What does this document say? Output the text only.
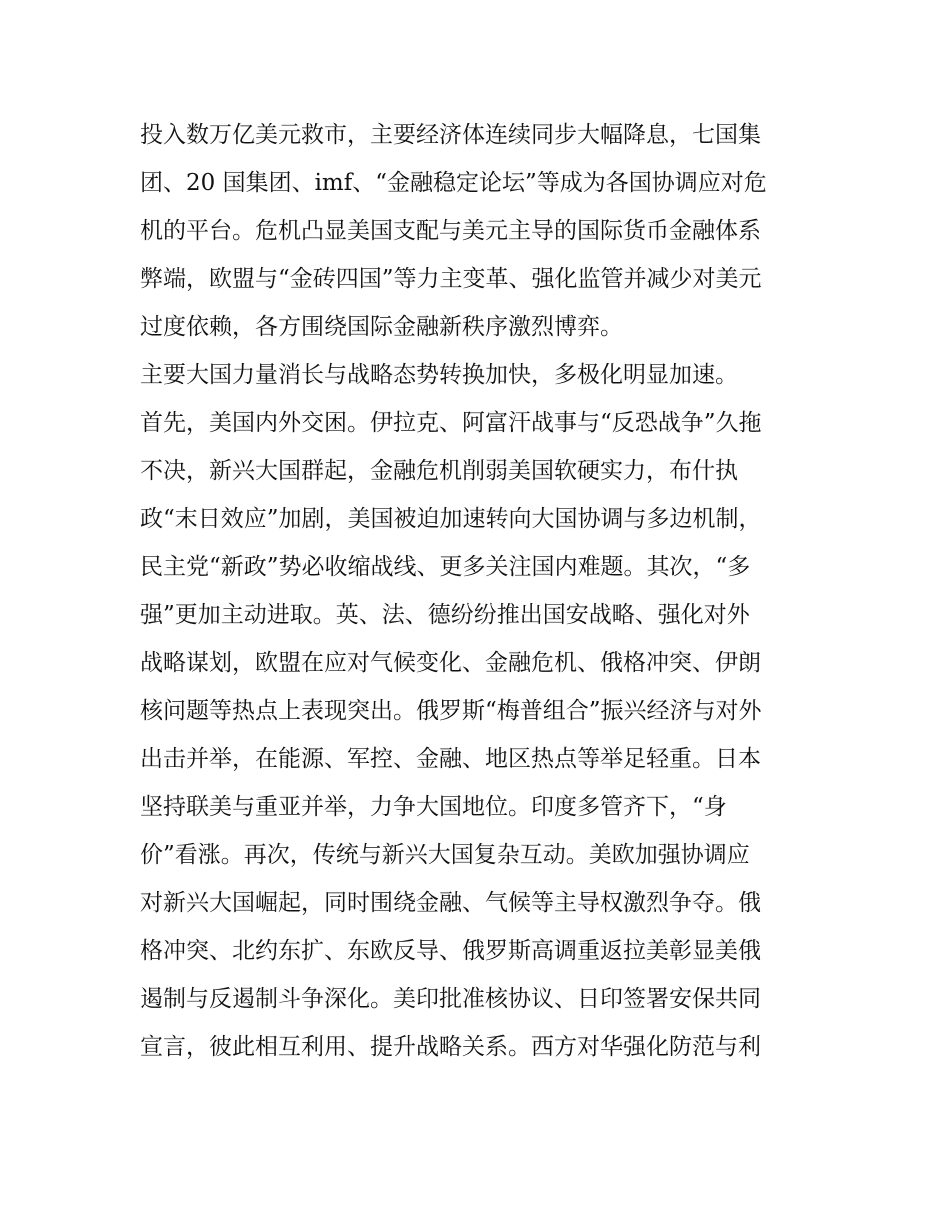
投入数万亿美元救市，主要经济体连续同步大幅降息，七国集
团、20 国集团、imf、“金融稳定论坛”等成为各国协调应对危
机的平台。危机凸显美国支配与美元主导的国际货币金融体系
弊端，欧盟与“金砖四国”等力主变革、强化监管并减少对美元
过度依赖，各方围绕国际金融新秩序激烈博弈。
主要大国力量消长与战略态势转换加快，多极化明显加速。
首先，美国内外交困。伊拉克、阿富汗战事与“反恐战争”久拖
不决，新兴大国群起，金融危机削弱美国软硬实力，布什执
政“末日效应”加剧，美国被迫加速转向大国协调与多边机制，
民主党“新政”势必收缩战线、更多关注国内难题。其次，“多
强”更加主动进取。英、法、德纷纷推出国安战略、强化对外
战略谋划，欧盟在应对气候变化、金融危机、俄格冲突、伊朗
核问题等热点上表现突出。俄罗斯“梅普组合”振兴经济与对外
出击并举，在能源、军控、金融、地区热点等举足轻重。日本
坚持联美与重亚并举，力争大国地位。印度多管齐下，“身
价”看涨。再次，传统与新兴大国复杂互动。美欧加强协调应
对新兴大国崛起，同时围绕金融、气候等主导权激烈争夺。俄
格冲突、北约东扩、东欧反导、俄罗斯高调重返拉美彰显美俄
遏制与反遏制斗争深化。美印批准核协议、日印签署安保共同
宣言，彼此相互利用、提升战略关系。西方对华强化防范与利
